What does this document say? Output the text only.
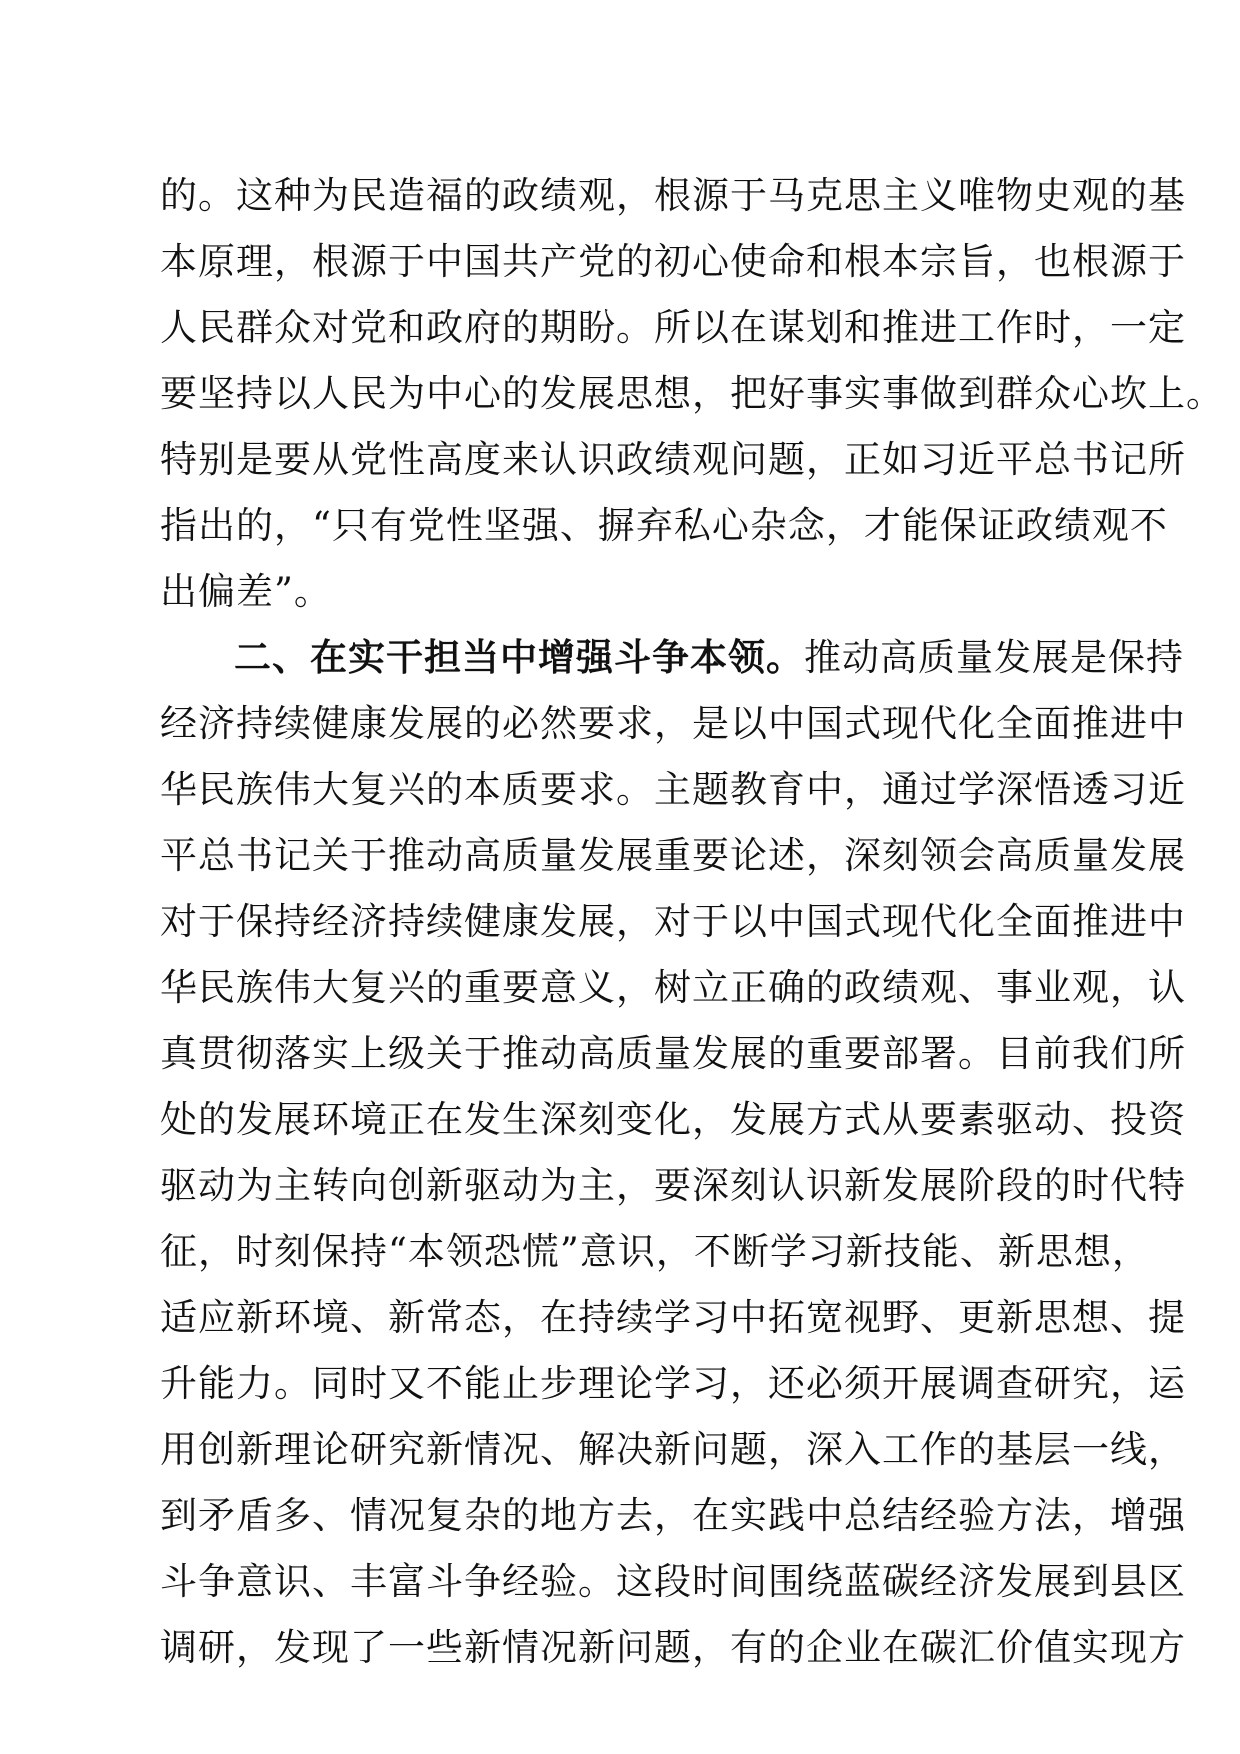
的。这种为民造福的政绩观，根源于马克思主义唯物史观的基
本原理，根源于中国共产党的初心使命和根本宗旨，也根源于
人民群众对党和政府的期盼。所以在谋划和推进工作时，一定
要坚持以人民为中心的发展思想，把好事实事做到群众心坎上。
特别是要从党性高度来认识政绩观问题，正如习近平总书记所
指出的，“只有党性坚强、摒弃私心杂念，才能保证政绩观不
出偏差”。
二、在实干担当中增强斗争本领。推动高质量发展是保持
经济持续健康发展的必然要求，是以中国式现代化全面推进中
华民族伟大复兴的本质要求。主题教育中，通过学深悟透习近
平总书记关于推动高质量发展重要论述，深刻领会高质量发展
对于保持经济持续健康发展，对于以中国式现代化全面推进中
华民族伟大复兴的重要意义，树立正确的政绩观、事业观，认
真贯彻落实上级关于推动高质量发展的重要部署。目前我们所
处的发展环境正在发生深刻变化，发展方式从要素驱动、投资
驱动为主转向创新驱动为主，要深刻认识新发展阶段的时代特
征，时刻保持“本领恐慌”意识，不断学习新技能、新思想，
适应新环境、新常态，在持续学习中拓宽视野、更新思想、提
升能力。同时又不能止步理论学习，还必须开展调查研究，运
用创新理论研究新情况、解决新问题，深入工作的基层一线，
到矛盾多、情况复杂的地方去，在实践中总结经验方法，增强
斗争意识、丰富斗争经验。这段时间围绕蓝碳经济发展到县区
调研，发现了一些新情况新问题，有的企业在碳汇价值实现方
